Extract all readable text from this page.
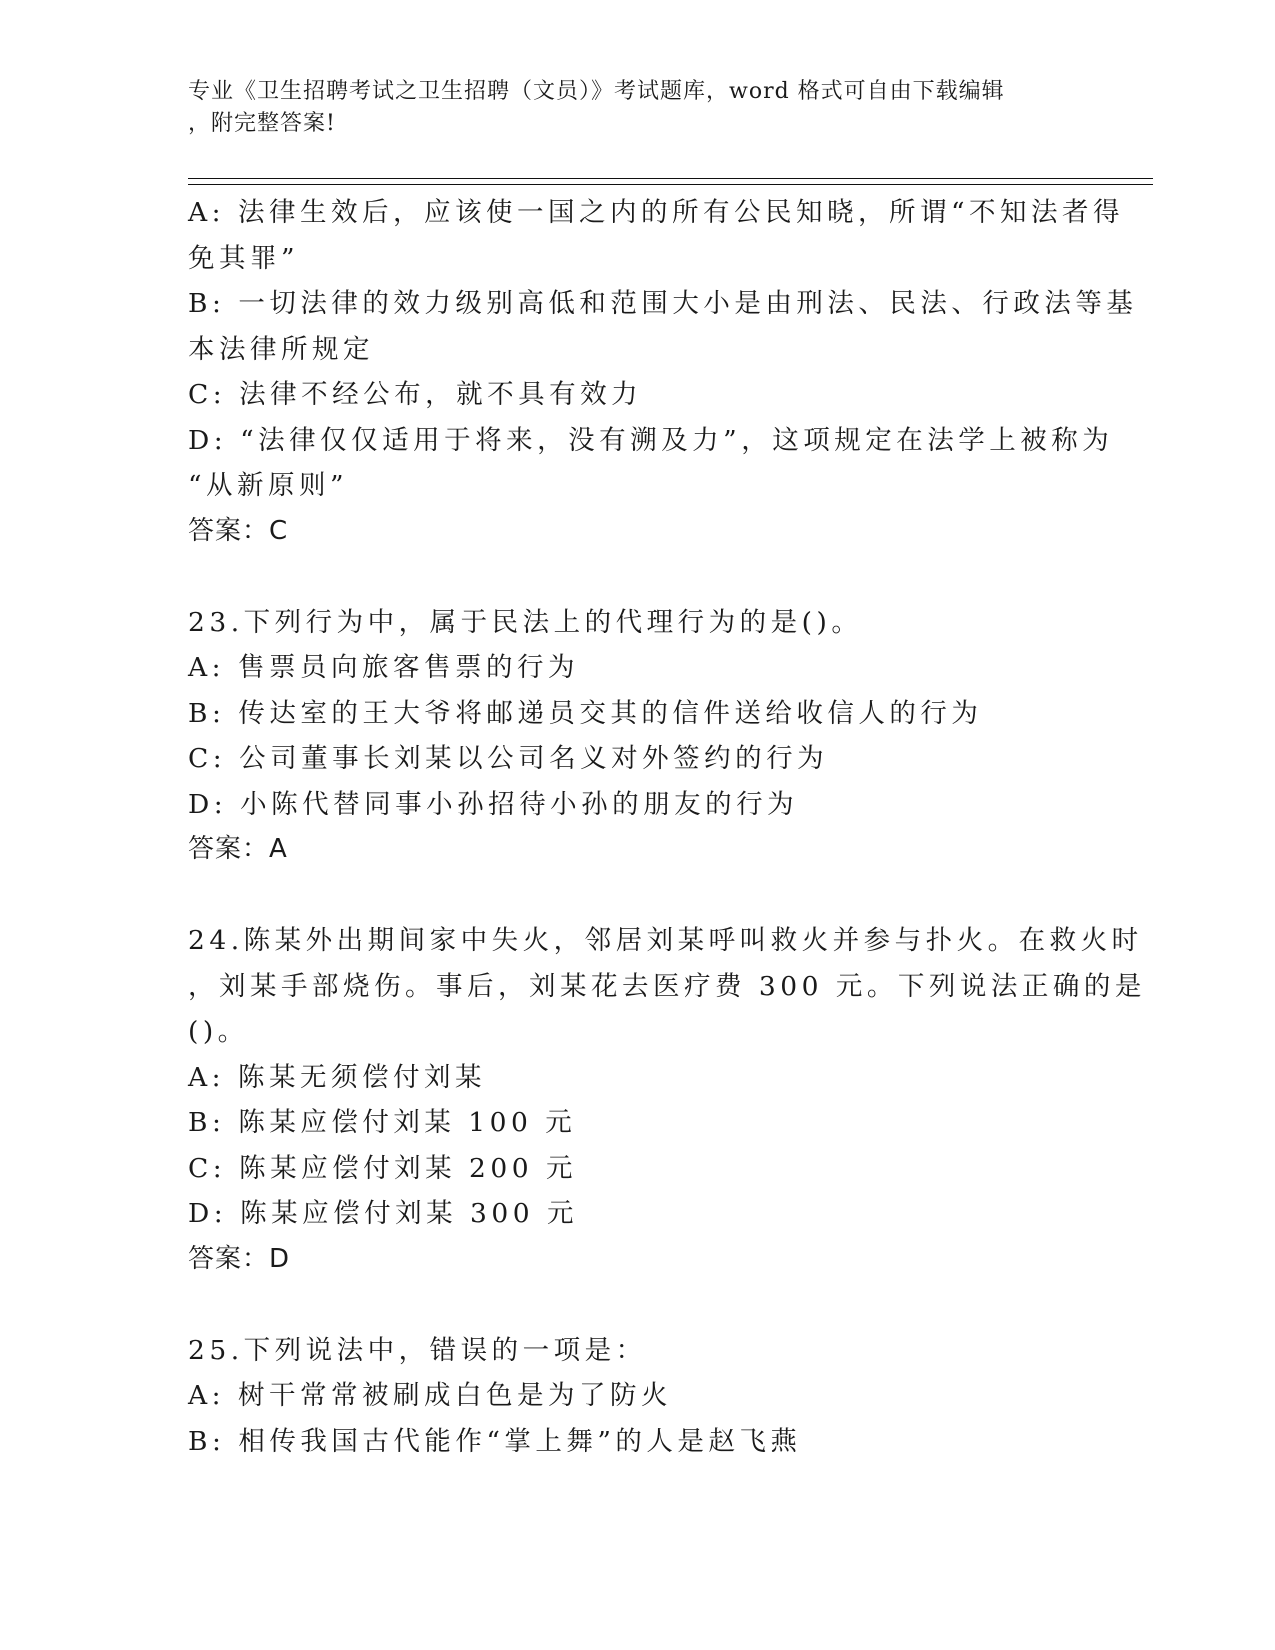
专业《卫生招聘考试之卫生招聘（文员）》考试题库，word 格式可自由下载编辑
，附完整答案!
A: 法律生效后，应该使一国之内的所有公民知晓，所谓“不知法者得
免其罪”
B: 一切法律的效力级别高低和范围大小是由刑法、民法、行政法等基
本法律所规定
C: 法律不经公布，就不具有效力
D: “法律仅仅适用于将来，没有溯及力”，这项规定在法学上被称为
“从新原则”
答案：C
23.下列行为中，属于民法上的代理行为的是()。
A: 售票员向旅客售票的行为
B: 传达室的王大爷将邮递员交其的信件送给收信人的行为
C: 公司董事长刘某以公司名义对外签约的行为
D: 小陈代替同事小孙招待小孙的朋友的行为
答案：A
24.陈某外出期间家中失火，邻居刘某呼叫救火并参与扑火。在救火时
，刘某手部烧伤。事后，刘某花去医疗费 300 元。下列说法正确的是
()。
A: 陈某无须偿付刘某
B: 陈某应偿付刘某 100 元
C: 陈某应偿付刘某 200 元
D: 陈某应偿付刘某 300 元
答案：D
25.下列说法中，错误的一项是：
A: 树干常常被刷成白色是为了防火
B: 相传我国古代能作“掌上舞”的人是赵飞燕
